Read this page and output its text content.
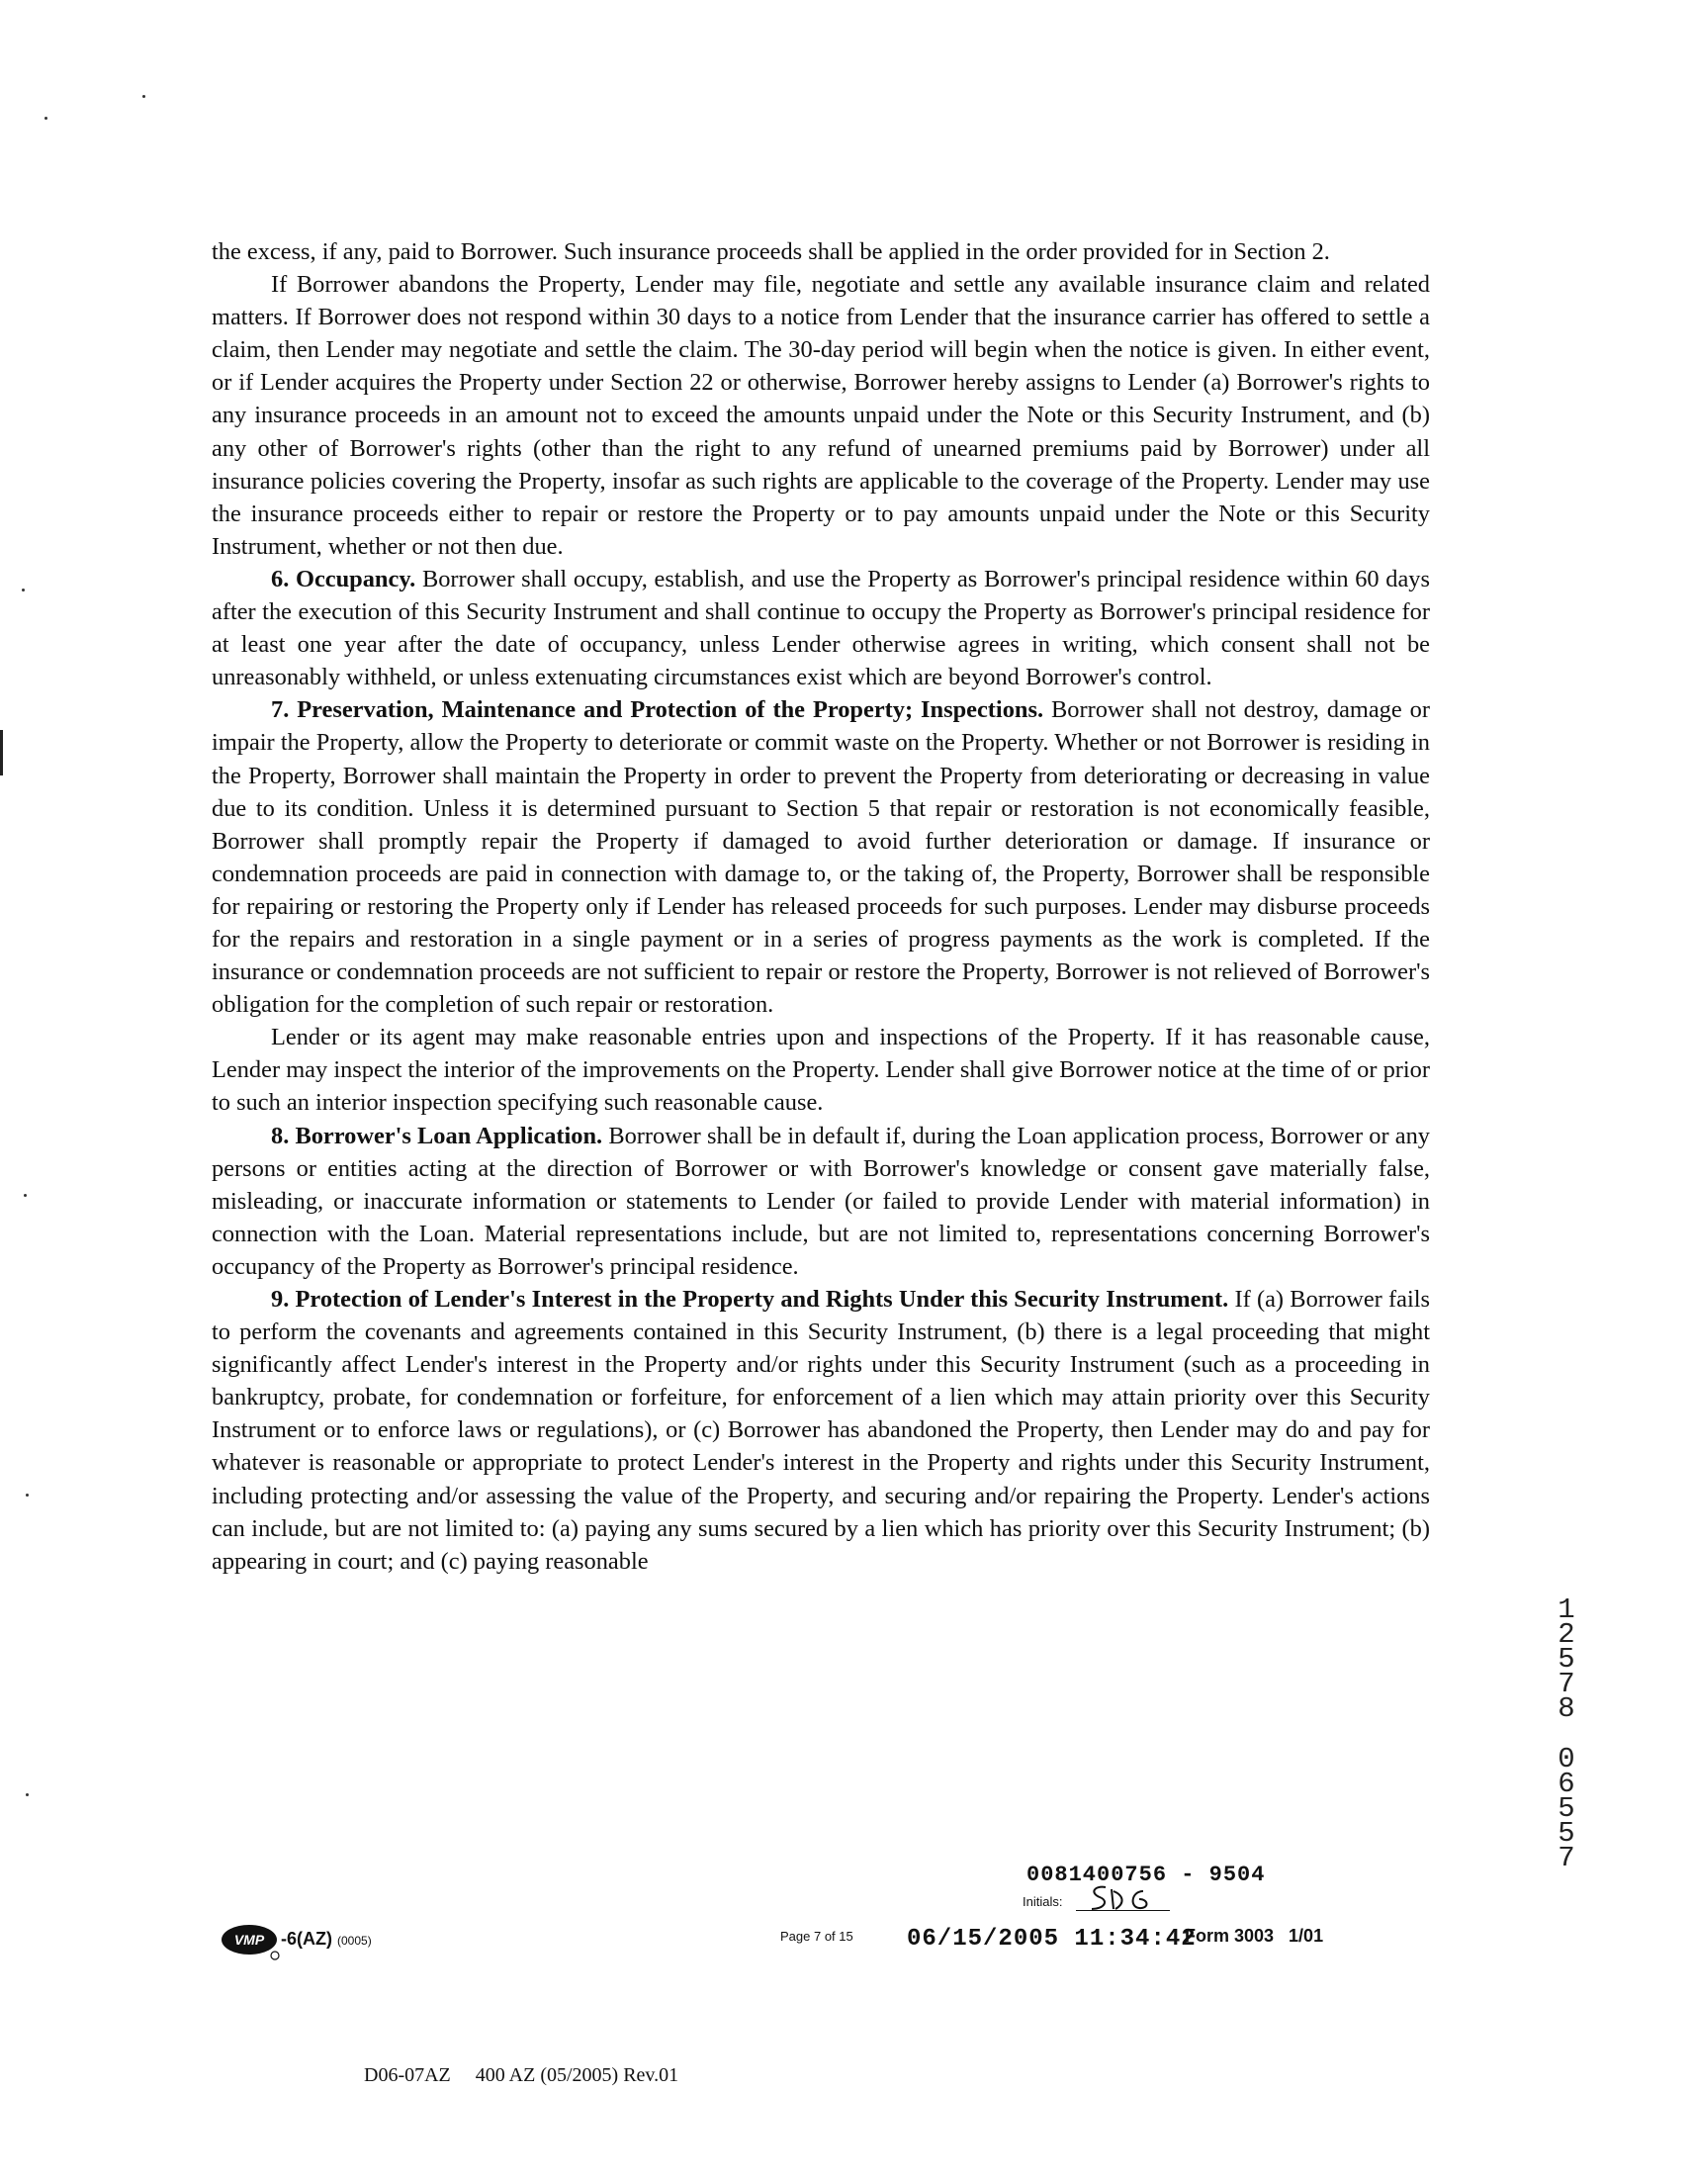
the excess, if any, paid to Borrower. Such insurance proceeds shall be applied in the order provided for in Section 2.

If Borrower abandons the Property, Lender may file, negotiate and settle any available insurance claim and related matters. If Borrower does not respond within 30 days to a notice from Lender that the insurance carrier has offered to settle a claim, then Lender may negotiate and settle the claim. The 30-day period will begin when the notice is given. In either event, or if Lender acquires the Property under Section 22 or otherwise, Borrower hereby assigns to Lender (a) Borrower's rights to any insurance proceeds in an amount not to exceed the amounts unpaid under the Note or this Security Instrument, and (b) any other of Borrower's rights (other than the right to any refund of unearned premiums paid by Borrower) under all insurance policies covering the Property, insofar as such rights are applicable to the coverage of the Property. Lender may use the insurance proceeds either to repair or restore the Property or to pay amounts unpaid under the Note or this Security Instrument, whether or not then due.

6. Occupancy. Borrower shall occupy, establish, and use the Property as Borrower's principal residence within 60 days after the execution of this Security Instrument and shall continue to occupy the Property as Borrower's principal residence for at least one year after the date of occupancy, unless Lender otherwise agrees in writing, which consent shall not be unreasonably withheld, or unless extenuating circumstances exist which are beyond Borrower's control.

7. Preservation, Maintenance and Protection of the Property; Inspections. Borrower shall not destroy, damage or impair the Property, allow the Property to deteriorate or commit waste on the Property. Whether or not Borrower is residing in the Property, Borrower shall maintain the Property in order to prevent the Property from deteriorating or decreasing in value due to its condition. Unless it is determined pursuant to Section 5 that repair or restoration is not economically feasible, Borrower shall promptly repair the Property if damaged to avoid further deterioration or damage. If insurance or condemnation proceeds are paid in connection with damage to, or the taking of, the Property, Borrower shall be responsible for repairing or restoring the Property only if Lender has released proceeds for such purposes. Lender may disburse proceeds for the repairs and restoration in a single payment or in a series of progress payments as the work is completed. If the insurance or condemnation proceeds are not sufficient to repair or restore the Property, Borrower is not relieved of Borrower's obligation for the completion of such repair or restoration.

Lender or its agent may make reasonable entries upon and inspections of the Property. If it has reasonable cause, Lender may inspect the interior of the improvements on the Property. Lender shall give Borrower notice at the time of or prior to such an interior inspection specifying such reasonable cause.

8. Borrower's Loan Application. Borrower shall be in default if, during the Loan application process, Borrower or any persons or entities acting at the direction of Borrower or with Borrower's knowledge or consent gave materially false, misleading, or inaccurate information or statements to Lender (or failed to provide Lender with material information) in connection with the Loan. Material representations include, but are not limited to, representations concerning Borrower's occupancy of the Property as Borrower's principal residence.

9. Protection of Lender's Interest in the Property and Rights Under this Security Instrument. If (a) Borrower fails to perform the covenants and agreements contained in this Security Instrument, (b) there is a legal proceeding that might significantly affect Lender's interest in the Property and/or rights under this Security Instrument (such as a proceeding in bankruptcy, probate, for condemnation or forfeiture, for enforcement of a lien which may attain priority over this Security Instrument or to enforce laws or regulations), or (c) Borrower has abandoned the Property, then Lender may do and pay for whatever is reasonable or appropriate to protect Lender's interest in the Property and rights under this Security Instrument, including protecting and/or assessing the value of the Property, and securing and/or repairing the Property. Lender's actions can include, but are not limited to: (a) paying any sums secured by a lien which has priority over this Security Instrument; (b) appearing in court; and (c) paying reasonable

0081400756 - 9504
Initials:
VMP -6(AZ) (0005)	Page 7 of 15 06/15/2005 11:34:42
Form 3003   1/01
D06-07AZ     400 AZ (05/2005) Rev.01
1
2
5
7
8
0
6
5
5
7
